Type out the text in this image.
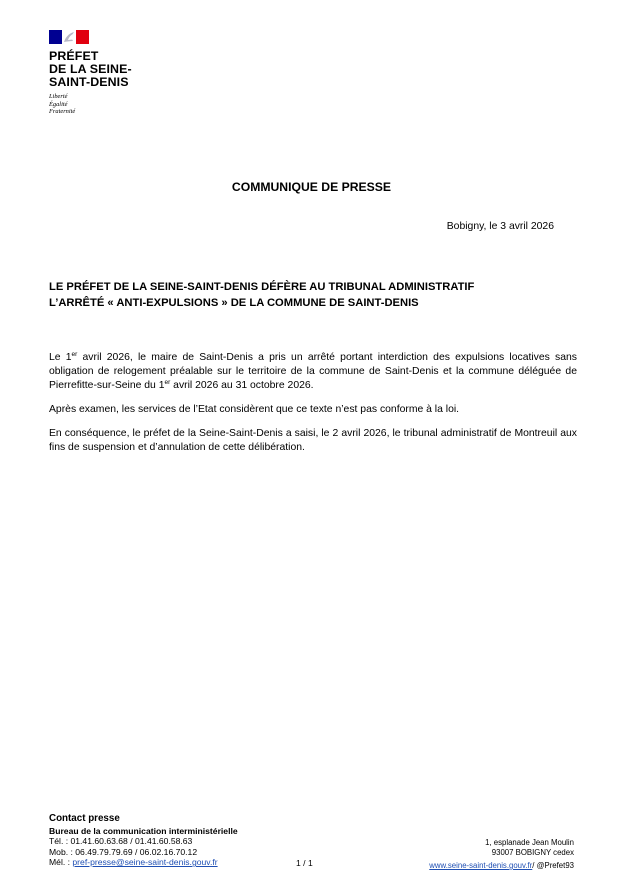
PRÉFET
DE LA SEINE-
SAINT-DENIS
Liberté
Égalité
Fraternité
COMMUNIQUE DE PRESSE
Bobigny, le 3 avril 2026
LE PRÉFET DE LA SEINE-SAINT-DENIS DÉFÈRE AU TRIBUNAL ADMINISTRATIF
L’ARRÊTÉ « ANTI-EXPULSIONS » DE LA COMMUNE DE SAINT-DENIS

Le 1er avril 2026, le maire de Saint-Denis a pris un arrêté portant interdiction des expulsions locatives sans obligation de relogement préalable sur le territoire de la commune de Saint-Denis et la commune déléguée de Pierrefitte-sur-Seine du 1er avril 2026 au 31 octobre 2026.

Après examen, les services de l’Etat considèrent que ce texte n’est pas conforme à la loi.

En conséquence, le préfet de la Seine-Saint-Denis a saisi, le 2 avril 2026, le tribunal administratif de Montreuil aux fins de suspension et d’annulation de cette délibération.

Contact presse
Bureau de la communication interministérielle
Tél. : 01.41.60.63.68 / 01.41.60.58.63
Mob. : 06.49.79.79.69 / 06.02.16.70.12
Mél. : pref-presse@seine-saint-denis.gouv.fr	1 / 1
1, esplanade Jean Moulin
93007 BOBIGNY cedex
www.seine-saint-denis.gouv.fr/ @Prefet93
